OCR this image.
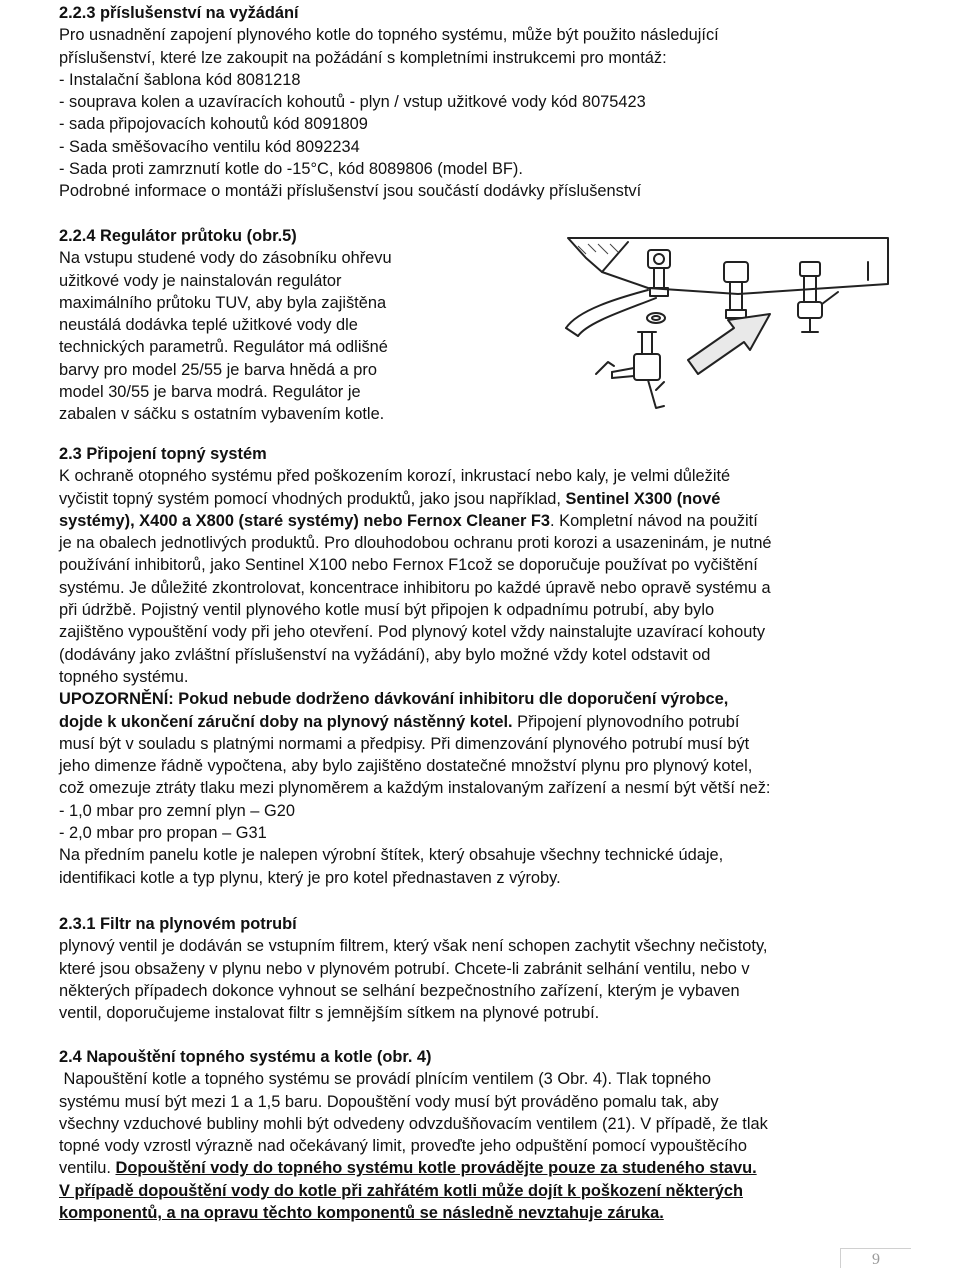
2.2.3 příslušenství na vyžádání
Pro usnadnění zapojení plynového kotle do topného systému, může být použito následující
příslušenství, které lze zakoupit na požádání s kompletními instrukcemi pro montáž:
- Instalační šablona kód 8081218
- souprava kolen a uzavíracích kohoutů - plyn / vstup užitkové vody kód 8075423
- sada připojovacích kohoutů kód 8091809
- Sada směšovacího ventilu kód 8092234
- Sada proti zamrznutí kotle do -15°C, kód 8089806 (model BF).
Podrobné informace o montáži příslušenství jsou součástí dodávky příslušenství
2.2.4 Regulátor průtoku (obr.5)
Na vstupu studené vody do zásobníku ohřevu
užitkové vody je nainstalován regulátor
maximálního průtoku TUV, aby byla zajištěna
neustálá dodávka teplé užitkové vody dle
technických parametrů. Regulátor má odlišné
barvy pro model 25/55 je barva hnědá a pro
model 30/55 je barva modrá. Regulátor je
zabalen v sáčku s ostatním vybavením kotle.
2.3 Připojení topný systém
K ochraně otopného systému před poškozením korozí, inkrustací nebo kaly, je velmi důležité
vyčistit topný systém pomocí vhodných produktů, jako jsou například, Sentinel X300 (nové
systémy), X400 a X800 (staré systémy) nebo Fernox Cleaner F3. Kompletní návod na použití
je na obalech jednotlivých produktů. Pro dlouhodobou ochranu proti korozi a usazeninám, je nutné
používání inhibitorů, jako Sentinel X100 nebo Fernox F1což se doporučuje používat po vyčištění
systému. Je důležité zkontrolovat, koncentrace inhibitoru po každé úpravě nebo opravě systému a
při údržbě. Pojistný ventil plynového kotle musí být připojen k odpadnímu potrubí, aby bylo
zajištěno vypouštění vody při jeho otevření. Pod plynový kotel vždy nainstalujte uzavírací kohouty
(dodávány jako zvláštní příslušenství na vyžádání), aby bylo možné vždy kotel odstavit od
topného systému.
UPOZORNĚNÍ: Pokud nebude dodrženo dávkování inhibitoru dle doporučení výrobce,
dojde k ukončení záruční doby na plynový nástěnný kotel. Připojení plynovodního potrubí
musí být v souladu s platnými normami a předpisy. Při dimenzování plynového potrubí musí být
jeho dimenze řádně vypočtena, aby bylo zajištěno dostatečné množství plynu pro plynový kotel,
což omezuje ztráty tlaku mezi plynoměrem a každým instalovaným zařízení a nesmí být větší než:
- 1,0 mbar pro zemní plyn – G20
- 2,0 mbar pro propan – G31
Na předním panelu kotle je nalepen výrobní štítek, který obsahuje všechny technické údaje,
identifikaci kotle a typ plynu, který je pro kotel přednastaven z výroby.
2.3.1 Filtr na plynovém potrubí
plynový ventil je dodáván se vstupním filtrem, který však není schopen zachytit všechny nečistoty,
které jsou obsaženy v plynu nebo v plynovém potrubí. Chcete-li zabránit selhání ventilu, nebo v
některých případech dokonce vyhnout se selhání bezpečnostního zařízení, kterým je vybaven
ventil, doporučujeme instalovat filtr s jemnějším sítkem na plynové potrubí.
2.4 Napouštění topného systému a kotle (obr. 4)
Napouštění kotle a topného systému se provádí plnícím ventilem (3 Obr. 4). Tlak topného
systému musí být mezi 1 a 1,5 baru. Dopouštění vody musí být prováděno pomalu tak, aby
všechny vzduchové bubliny mohli být odvedeny odvzdušňovacím ventilem (21). V případě, že tlak
topné vody vzrostl výrazně nad očekávaný limit, proveďte jeho odpuštění pomocí vypouštěcího
ventilu. Dopouštění vody do topného systému kotle provádějte pouze za studeného stavu.
V případě dopouštění vody do kotle při zahřátém kotli může dojít k poškození některých
komponentů, a na opravu těchto komponentů se následně nevztahuje záruka.
9
